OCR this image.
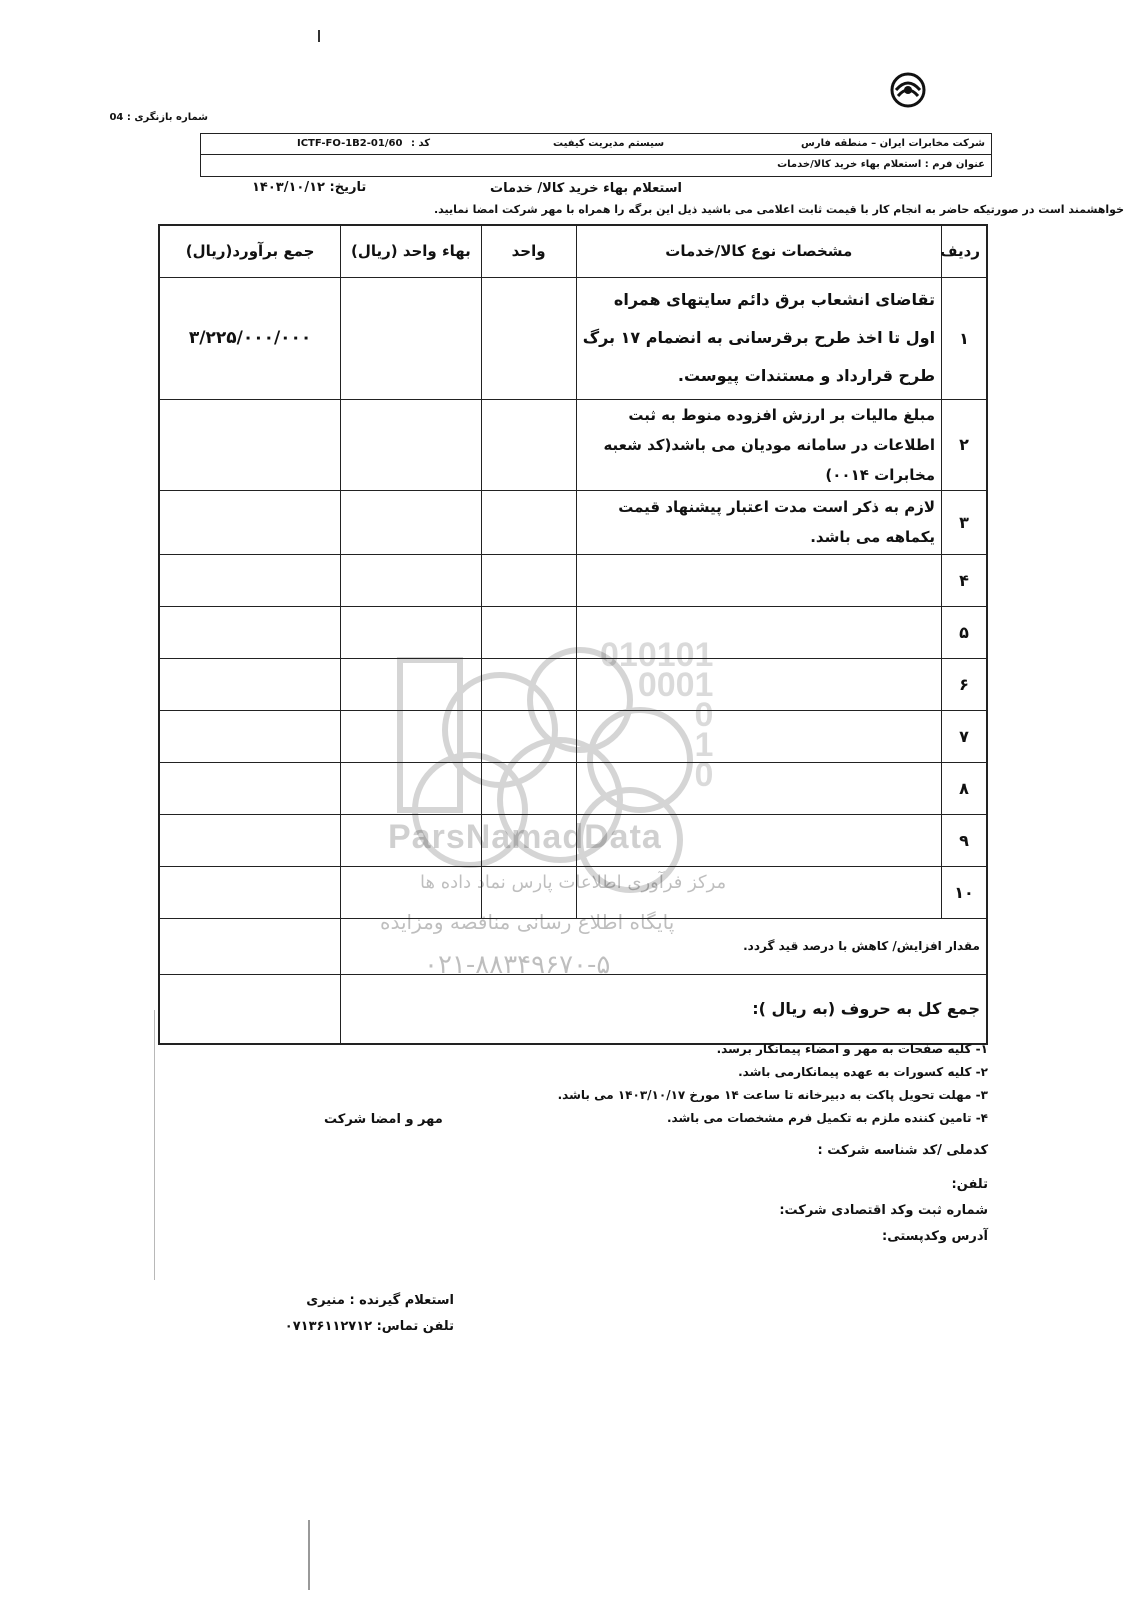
شماره بازنگری : 04
شرکت مخابرات ایران – منطقه فارس
سیستم مدیریت کیفیت
کد :
ICTF-FO-1B2-01/60
عنوان فرم : استعلام بهاء خرید کالا/خدمات
استعلام بهاء خرید کالا/ خدمات
تاریخ: ۱۴۰۳/۱۰/۱۲
خواهشمند است در صورتیکه حاضر به انجام کار با قیمت ثابت اعلامی می باشید ذیل این برگه را همراه با مهر شرکت امضا نمایید.
010101
0001
0
1
0
ParsNamadData
مرکز فرآوری اطلاعات پارس نماد داده ها
پایگاه اطلاع رسانی مناقصه ومزایده
۰۲۱-۸۸۳۴۹۶۷۰-۵
جمع برآورد(ریال)	بهاء واحد (ریال)	واحد	مشخصات نوع کالا/خدمات	ردیف
۳/۲۲۵/۰۰۰/۰۰۰			تقاضای انشعاب برق دائم سایتهای همراه اول تا اخذ طرح برقرسانی به انضمام ۱۷ برگ طرح قرارداد و مستندات پیوست.	۱
			مبلغ مالیات بر ارزش افزوده منوط به ثبت اطلاعات در سامانه مودیان می باشد(کد شعبه مخابرات ۰۰۱۴)	۲
			لازم به ذکر است مدت اعتبار پیشنهاد قیمت یکماهه می باشد.	۳
				۴
				۵
				۶
				۷
				۸
				۹
				۱۰
	مقدار افزایش/ کاهش با درصد قید گردد.			
	جمع کل به حروف (به ریال ):			
۱- کلیه صفحات به مهر و امضاء پیمانکار برسد.
۲- کلیه کسورات به عهده پیمانکارمی باشد.
۳- مهلت تحویل پاکت به دبیرخانه تا ساعت ۱۴ مورخ ۱۴۰۳/۱۰/۱۷ می باشد.
۴- تامین کننده ملزم به تکمیل فرم مشخصات می باشد.
مهر و امضا شرکت
کدملی /کد شناسه شرکت :
تلفن:
شماره ثبت وکد اقتصادی شرکت:
آدرس وکدپستی:
استعلام گیرنده : منیری
تلفن تماس: ۰۷۱۳۶۱۱۲۷۱۲
